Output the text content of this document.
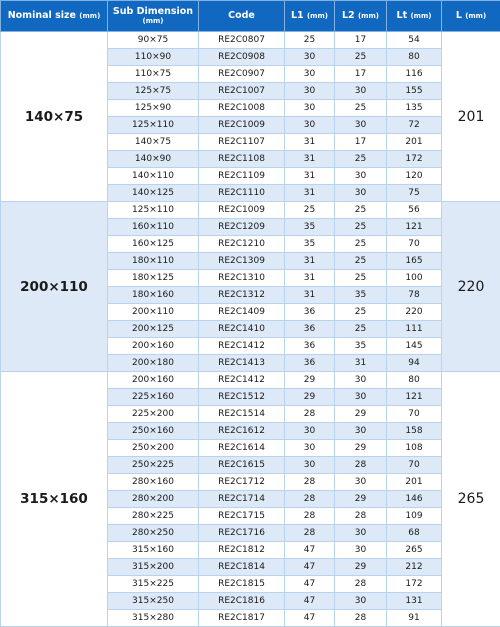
Nominal size (mm)	Sub Dimension
(mm)	Code	L1 (mm)	L2 (mm)	Lt (mm)	L (mm)
140×75	90×75	RE2C0807	25	17	54	201
	110×90	RE2C0908	30	25	80	
	110×75	RE2C0907	30	17	116	
	125×75	RE2C1007	30	30	155	
	125×90	RE2C1008	30	25	135	
	125×110	RE2C1009	30	30	72	
	140×75	RE2C1107	31	17	201	
	140×90	RE2C1108	31	25	172	
	140×110	RE2C1109	31	30	120	
	140×125	RE2C1110	31	30	75	
200×110	125×110	RE2C1009	25	25	56	220
	160×110	RE2C1209	35	25	121	
	160×125	RE2C1210	35	25	70	
	180×110	RE2C1309	31	25	165	
	180×125	RE2C1310	31	25	100	
	180×160	RE2C1312	31	35	78	
	200×110	RE2C1409	36	25	220	
	200×125	RE2C1410	36	25	111	
	200×160	RE2C1412	36	35	145	
	200×180	RE2C1413	36	31	94	
315×160	200×160	RE2C1412	29	30	80	265
	225×160	RE2C1512	29	30	121	
	225×200	RE2C1514	28	29	70	
	250×160	RE2C1612	30	30	158	
	250×200	RE2C1614	30	29	108	
	250×225	RE2C1615	30	28	70	
	280×160	RE2C1712	28	30	201	
	280×200	RE2C1714	28	29	146	
	280×225	RE2C1715	28	28	109	
	280×250	RE2C1716	28	30	68	
	315×160	RE2C1812	47	30	265	
	315×200	RE2C1814	47	29	212	
	315×225	RE2C1815	47	28	172	
	315×250	RE2C1816	47	30	131	
	315×280	RE2C1817	47	28	91	
